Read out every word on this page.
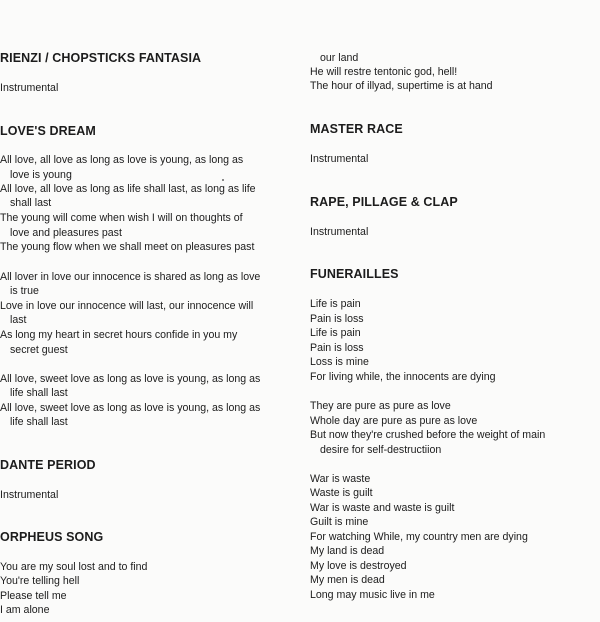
RIENZI / CHOPSTICKS FANTASIA
Instrumental
LOVE'S DREAM
All love, all love as long as love is young, as long as
love is young
All love, all love as long as life shall last, as long as life
shall last
The young will come when wish I will on thoughts of
love and pleasures past
The young flow when we shall meet on pleasures past
All lover in love our innocence is shared as long as love
is true
Love in love our innocence will last, our innocence will
last
As long my heart in secret hours confide in you my
secret guest
All love, sweet love as long as love is young, as long as
life shall last
All love, sweet love as long as love is young, as long as
life shall last
DANTE PERIOD
Instrumental
ORPHEUS SONG
You are my soul lost and to find
You're telling hell
Please tell me
I am alone
our land
He will restre tentonic god, hell!
The hour of illyad, supertime is at hand
MASTER RACE
Instrumental
RAPE, PILLAGE & CLAP
Instrumental
FUNERAILLES
Life is pain
Pain is loss
Life is pain
Pain is loss
Loss is mine
For living while, the innocents are dying
They are pure as pure as love
Whole day are pure as pure as love
But now they're crushed before the weight of main
desire for self-destructiion
War is waste
Waste is guilt
War is waste and waste is guilt
Guilt is mine
For watching While, my country men are dying
My land is dead
My love is destroyed
My men is dead
Long may music live in me
